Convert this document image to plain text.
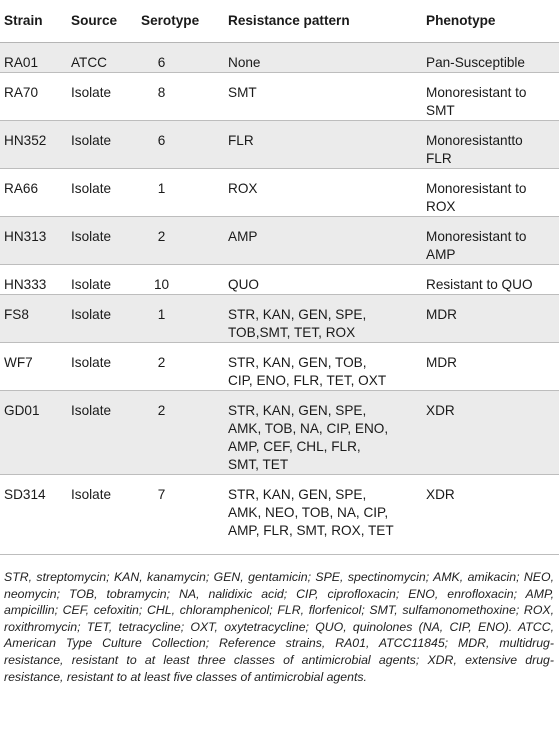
Strain	Source	Serotype	Resistance pattern	Phenotype
RA01	ATCC	6	None	Pan-Susceptible
RA70	Isolate	8	SMT	Monoresistant to
SMT
HN352	Isolate	6	FLR	Monoresistantto
FLR
RA66	Isolate	1	ROX	Monoresistant to
ROX
HN313	Isolate	2	AMP	Monoresistant to
AMP
HN333	Isolate	10	QUO	Resistant to QUO
FS8	Isolate	1	STR, KAN, GEN, SPE,
TOB,SMT, TET, ROX	MDR
WF7	Isolate	2	STR, KAN, GEN, TOB,
CIP, ENO, FLR, TET, OXT	MDR
GD01	Isolate	2	STR, KAN, GEN, SPE,
AMK, TOB, NA, CIP, ENO,
AMP, CEF, CHL, FLR,
SMT, TET	XDR
SD314	Isolate	7	STR, KAN, GEN, SPE,
AMK, NEO, TOB, NA, CIP,
AMP, FLR, SMT, ROX, TET	XDR
STR, streptomycin; KAN, kanamycin; GEN, gentamicin; SPE, spectinomycin; AMK, amikacin; NEO, neomycin; TOB, tobramycin; NA, nalidixic acid; CIP, ciprofloxacin; ENO, enrofloxacin; AMP, ampicillin; CEF, cefoxitin; CHL, chloramphenicol; FLR, florfenicol; SMT, sulfamonomethoxine; ROX, roxithromycin; TET, tetracycline; OXT, oxytetracycline; QUO, quinolones (NA, CIP, ENO). ATCC, American Type Culture Collection; Reference strains, RA01, ATCC11845; MDR, multidrug-resistance, resistant to at least three classes of antimicrobial agents; XDR, extensive drug-resistance, resistant to at least five classes of antimicrobial agents.
